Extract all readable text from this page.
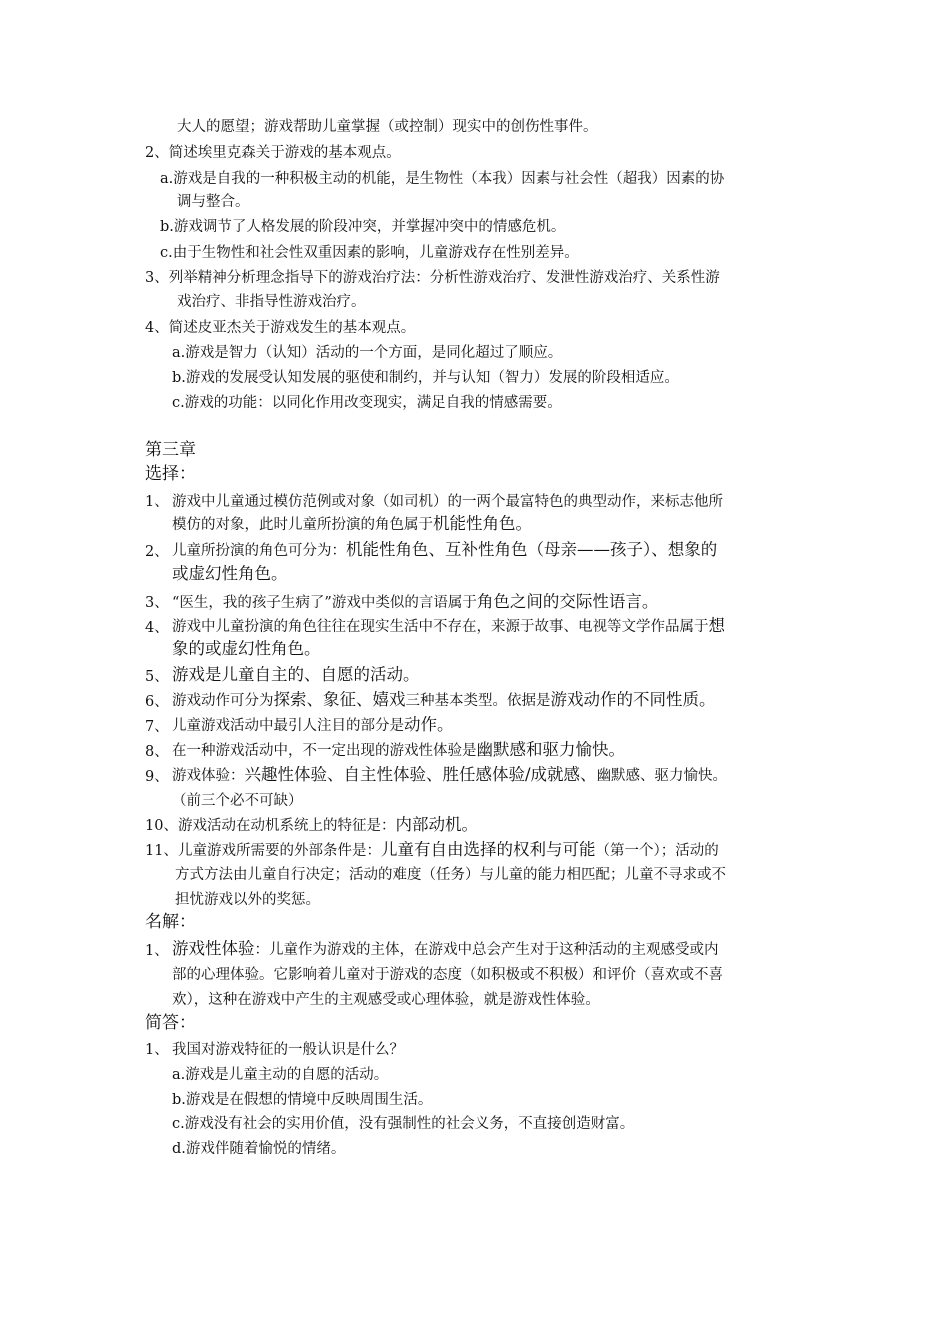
大人的愿望；游戏帮助儿童掌握（或控制）现实中的创伤性事件。
2、简述埃里克森关于游戏的基本观点。
a.游戏是自我的一种积极主动的机能，是生物性（本我）因素与社会性（超我）因素的协
调与整合。
b.游戏调节了人格发展的阶段冲突，并掌握冲突中的情感危机。
c.由于生物性和社会性双重因素的影响，儿童游戏存在性别差异。
3、列举精神分析理念指导下的游戏治疗法：分析性游戏治疗、发泄性游戏治疗、关系性游
戏治疗、非指导性游戏治疗。
4、简述皮亚杰关于游戏发生的基本观点。
a.游戏是智力（认知）活动的一个方面，是同化超过了顺应。
b.游戏的发展受认知发展的驱使和制约，并与认知（智力）发展的阶段相适应。
c.游戏的功能：以同化作用改变现实，满足自我的情感需要。
第三章
选择：
1、 游戏中儿童通过模仿范例或对象（如司机）的一两个最富特色的典型动作，来标志他所
模仿的对象，此时儿童所扮演的角色属于机能性角色。
2、 儿童所扮演的角色可分为：机能性角色、互补性角色（母亲——孩子）、想象的
或虚幻性角色。
3、 “医生，我的孩子生病了”游戏中类似的言语属于角色之间的交际性语言。
4、 游戏中儿童扮演的角色往往在现实生活中不存在，来源于故事、电视等文学作品属于想
象的或虚幻性角色。
5、 游戏是儿童自主的、自愿的活动。
6、 游戏动作可分为探索、象征、嬉戏三种基本类型。依据是游戏动作的不同性质。
7、 儿童游戏活动中最引人注目的部分是动作。
8、 在一种游戏活动中，不一定出现的游戏性体验是幽默感和驱力愉快。
9、 游戏体验：兴趣性体验、自主性体验、胜任感体验/成就感、幽默感、驱力愉快。
（前三个必不可缺）
10、游戏活动在动机系统上的特征是：内部动机。
11、儿童游戏所需要的外部条件是：儿童有自由选择的权利与可能（第一个）；活动的
方式方法由儿童自行决定；活动的难度（任务）与儿童的能力相匹配；儿童不寻求或不
担忧游戏以外的奖惩。
名解：
1、 游戏性体验：儿童作为游戏的主体，在游戏中总会产生对于这种活动的主观感受或内
部的心理体验。它影响着儿童对于游戏的态度（如积极或不积极）和评价（喜欢或不喜
欢），这种在游戏中产生的主观感受或心理体验，就是游戏性体验。
简答：
1、 我国对游戏特征的一般认识是什么？
a.游戏是儿童主动的自愿的活动。
b.游戏是在假想的情境中反映周围生活。
c.游戏没有社会的实用价值，没有强制性的社会义务，不直接创造财富。
d.游戏伴随着愉悦的情绪。
